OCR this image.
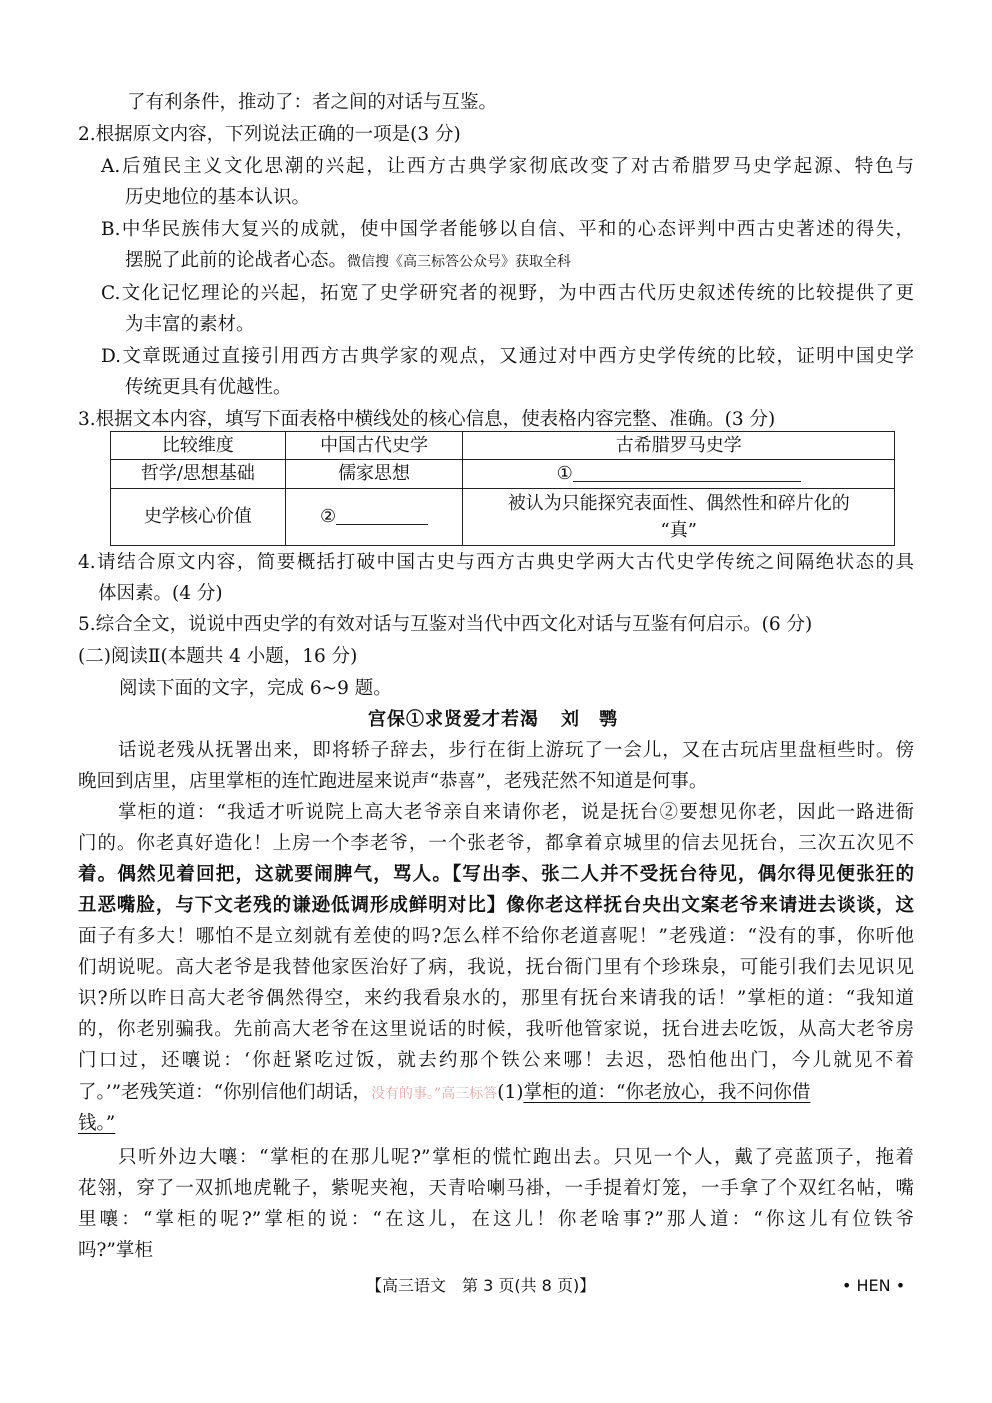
了有利条件，推动了：者之间的对话与互鉴。
2.根据原文内容，下列说法正确的一项是(3 分)
A.后殖民主义文化思潮的兴起，让西方古典学家彻底改变了对古希腊罗马史学起源、特色与
历史地位的基本认识。
B.中华民族伟大复兴的成就，使中国学者能够以自信、平和的心态评判中西古史著述的得失，
摆脱了此前的论战者心态。微信搜《高三标答公众号》获取全科
C.文化记忆理论的兴起，拓宽了史学研究者的视野，为中西古代历史叙述传统的比较提供了更
为丰富的素材。
D.文章既通过直接引用西方古典学家的观点，又通过对中西方史学传统的比较，证明中国史学
传统更具有优越性。
3.根据文本内容，填写下面表格中横线处的核心信息，使表格内容完整、准确。(3 分)
比较维度	中国古代史学	古希腊罗马史学
哲学/思想基础	儒家思想	①
史学核心价值	②	被认为只能探究表面性、偶然性和碎片化的
“真”
4.请结合原文内容，简要概括打破中国古史与西方古典史学两大古代史学传统之间隔绝状态的具
体因素。(4 分)
5.综合全文，说说中西史学的有效对话与互鉴对当代中西文化对话与互鉴有何启示。(6 分)
(二)阅读Ⅱ(本题共 4 小题，16 分)
阅读下面的文字，完成 6~9 题。
宫保①求贤爱才若渴 刘　鹗
话说老残从抚署出来，即将轿子辞去，步行在街上游玩了一会儿，又在古玩店里盘桓些时。傍
晚回到店里，店里掌柜的连忙跑进屋来说声“恭喜”，老残茫然不知道是何事。
掌柜的道：“我适才听说院上高大老爷亲自来请你老，说是抚台②要想见你老，因此一路进衙
门的。你老真好造化！上房一个李老爷，一个张老爷，都拿着京城里的信去见抚台，三次五次见不
着。偶然见着回把，这就要闹脾气，骂人。【写出李、张二人并不受抚台待见，偶尔得见便张狂的
丑恶嘴脸，与下文老残的谦逊低调形成鲜明对比】像你老这样抚台央出文案老爷来请进去谈谈，这
面子有多大！哪怕不是立刻就有差使的吗?怎么样不给你老道喜呢！”老残道：“没有的事，你听他
们胡说呢。高大老爷是我替他家医治好了病，我说，抚台衙门里有个珍珠泉，可能引我们去见识见
识?所以昨日高大老爷偶然得空，来约我看泉水的，那里有抚台来请我的话！”掌柜的道：“我知道
的，你老别骗我。先前高大老爷在这里说话的时候，我听他管家说，抚台进去吃饭，从高大老爷房
门口过，还嚷说：‘你赶紧吃过饭，就去约那个铁公来哪！去迟，恐怕他出门，今儿就见不着
了。’”老残笑道：“你别信他们胡话，没有的事。”高三标答(1)掌柜的道：“你老放心，我不问你借
钱。”
只听外边大嚷：“掌柜的在那儿呢?”掌柜的慌忙跑出去。只见一个人，戴了亮蓝顶子，拖着
花翎，穿了一双抓地虎靴子，紫呢夹袍，天青哈喇马褂，一手提着灯笼，一手拿了个双红名帖，嘴
里嚷：“掌柜的呢?”掌柜的说：“在这儿，在这儿！你老啥事?”那人道：“你这儿有位铁爷
吗?”掌柜
【高三语文　第 3 页(共 8 页)】	• HEN •
